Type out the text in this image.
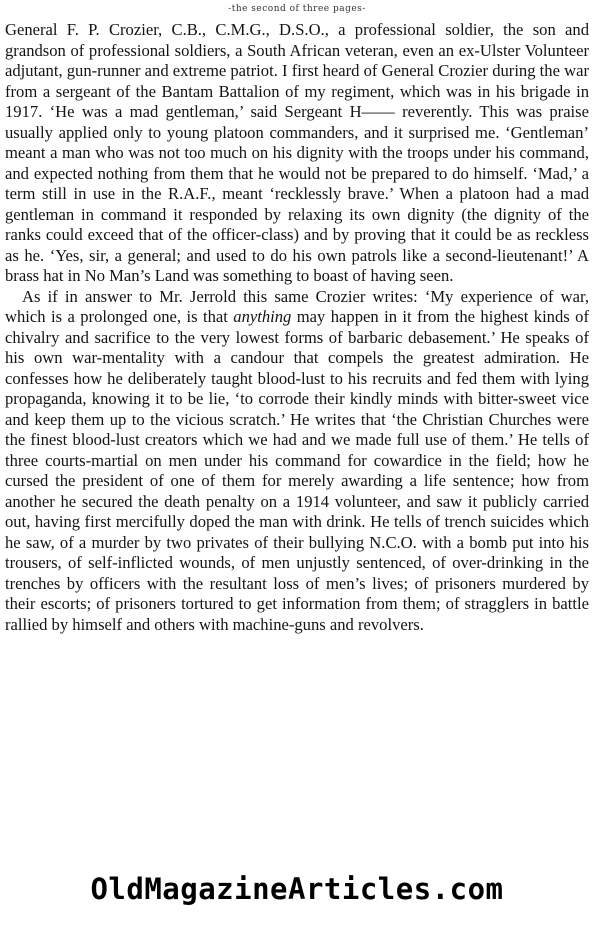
-the second of three pages-

General F. P. Crozier, C.B., C.M.G., D.S.O., a professional soldier, the son and grandson of professional soldiers, a South African veteran, even an ex-Ulster Volunteer adjutant, gun-runner and extreme patriot. I first heard of General Crozier during the war from a sergeant of the Bantam Battalion of my regiment, which was in his brigade in 1917. ‘He was a mad gentleman,’ said Sergeant H—— reverently. This was praise usually applied only to young platoon commanders, and it surprised me. ‘Gentleman’ meant a man who was not too much on his dignity with the troops under his command, and expected nothing from them that he would not be prepared to do himself. ‘Mad,’ a term still in use in the R.A.F., meant ‘recklessly brave.’ When a platoon had a mad gentleman in command it responded by relaxing its own dignity (the dignity of the ranks could exceed that of the officer-class) and by proving that it could be as reckless as he. ‘Yes, sir, a general; and used to do his own patrols like a second-lieutenant!’ A brass hat in No Man’s Land was something to boast of having seen.

As if in answer to Mr. Jerrold this same Crozier writes: ‘My experience of war, which is a prolonged one, is that anything may happen in it from the highest kinds of chivalry and sacrifice to the very lowest forms of barbaric debasement.’ He speaks of his own war-mentality with a candour that compels the greatest admiration. He confesses how he deliberately taught blood-lust to his recruits and fed them with lying propaganda, knowing it to be lie, ‘to corrode their kindly minds with bitter-sweet vice and keep them up to the vicious scratch.’ He writes that ‘the Christian Churches were the finest blood-lust creators which we had and we made full use of them.’ He tells of three courts-martial on men under his command for cowardice in the field; how he cursed the president of one of them for merely awarding a life sentence; how from another he secured the death penalty on a 1914 volunteer, and saw it publicly carried out, having first mercifully doped the man with drink. He tells of trench suicides which he saw, of a murder by two privates of their bullying N.C.O. with a bomb put into his trousers, of self-inflicted wounds, of men unjustly sentenced, of over-drinking in the trenches by officers with the resultant loss of men’s lives; of prisoners murdered by their escorts; of prisoners tortured to get information from them; of stragglers in battle rallied by himself and others with machine-guns and revolvers.

OldMagazineArticles.com
